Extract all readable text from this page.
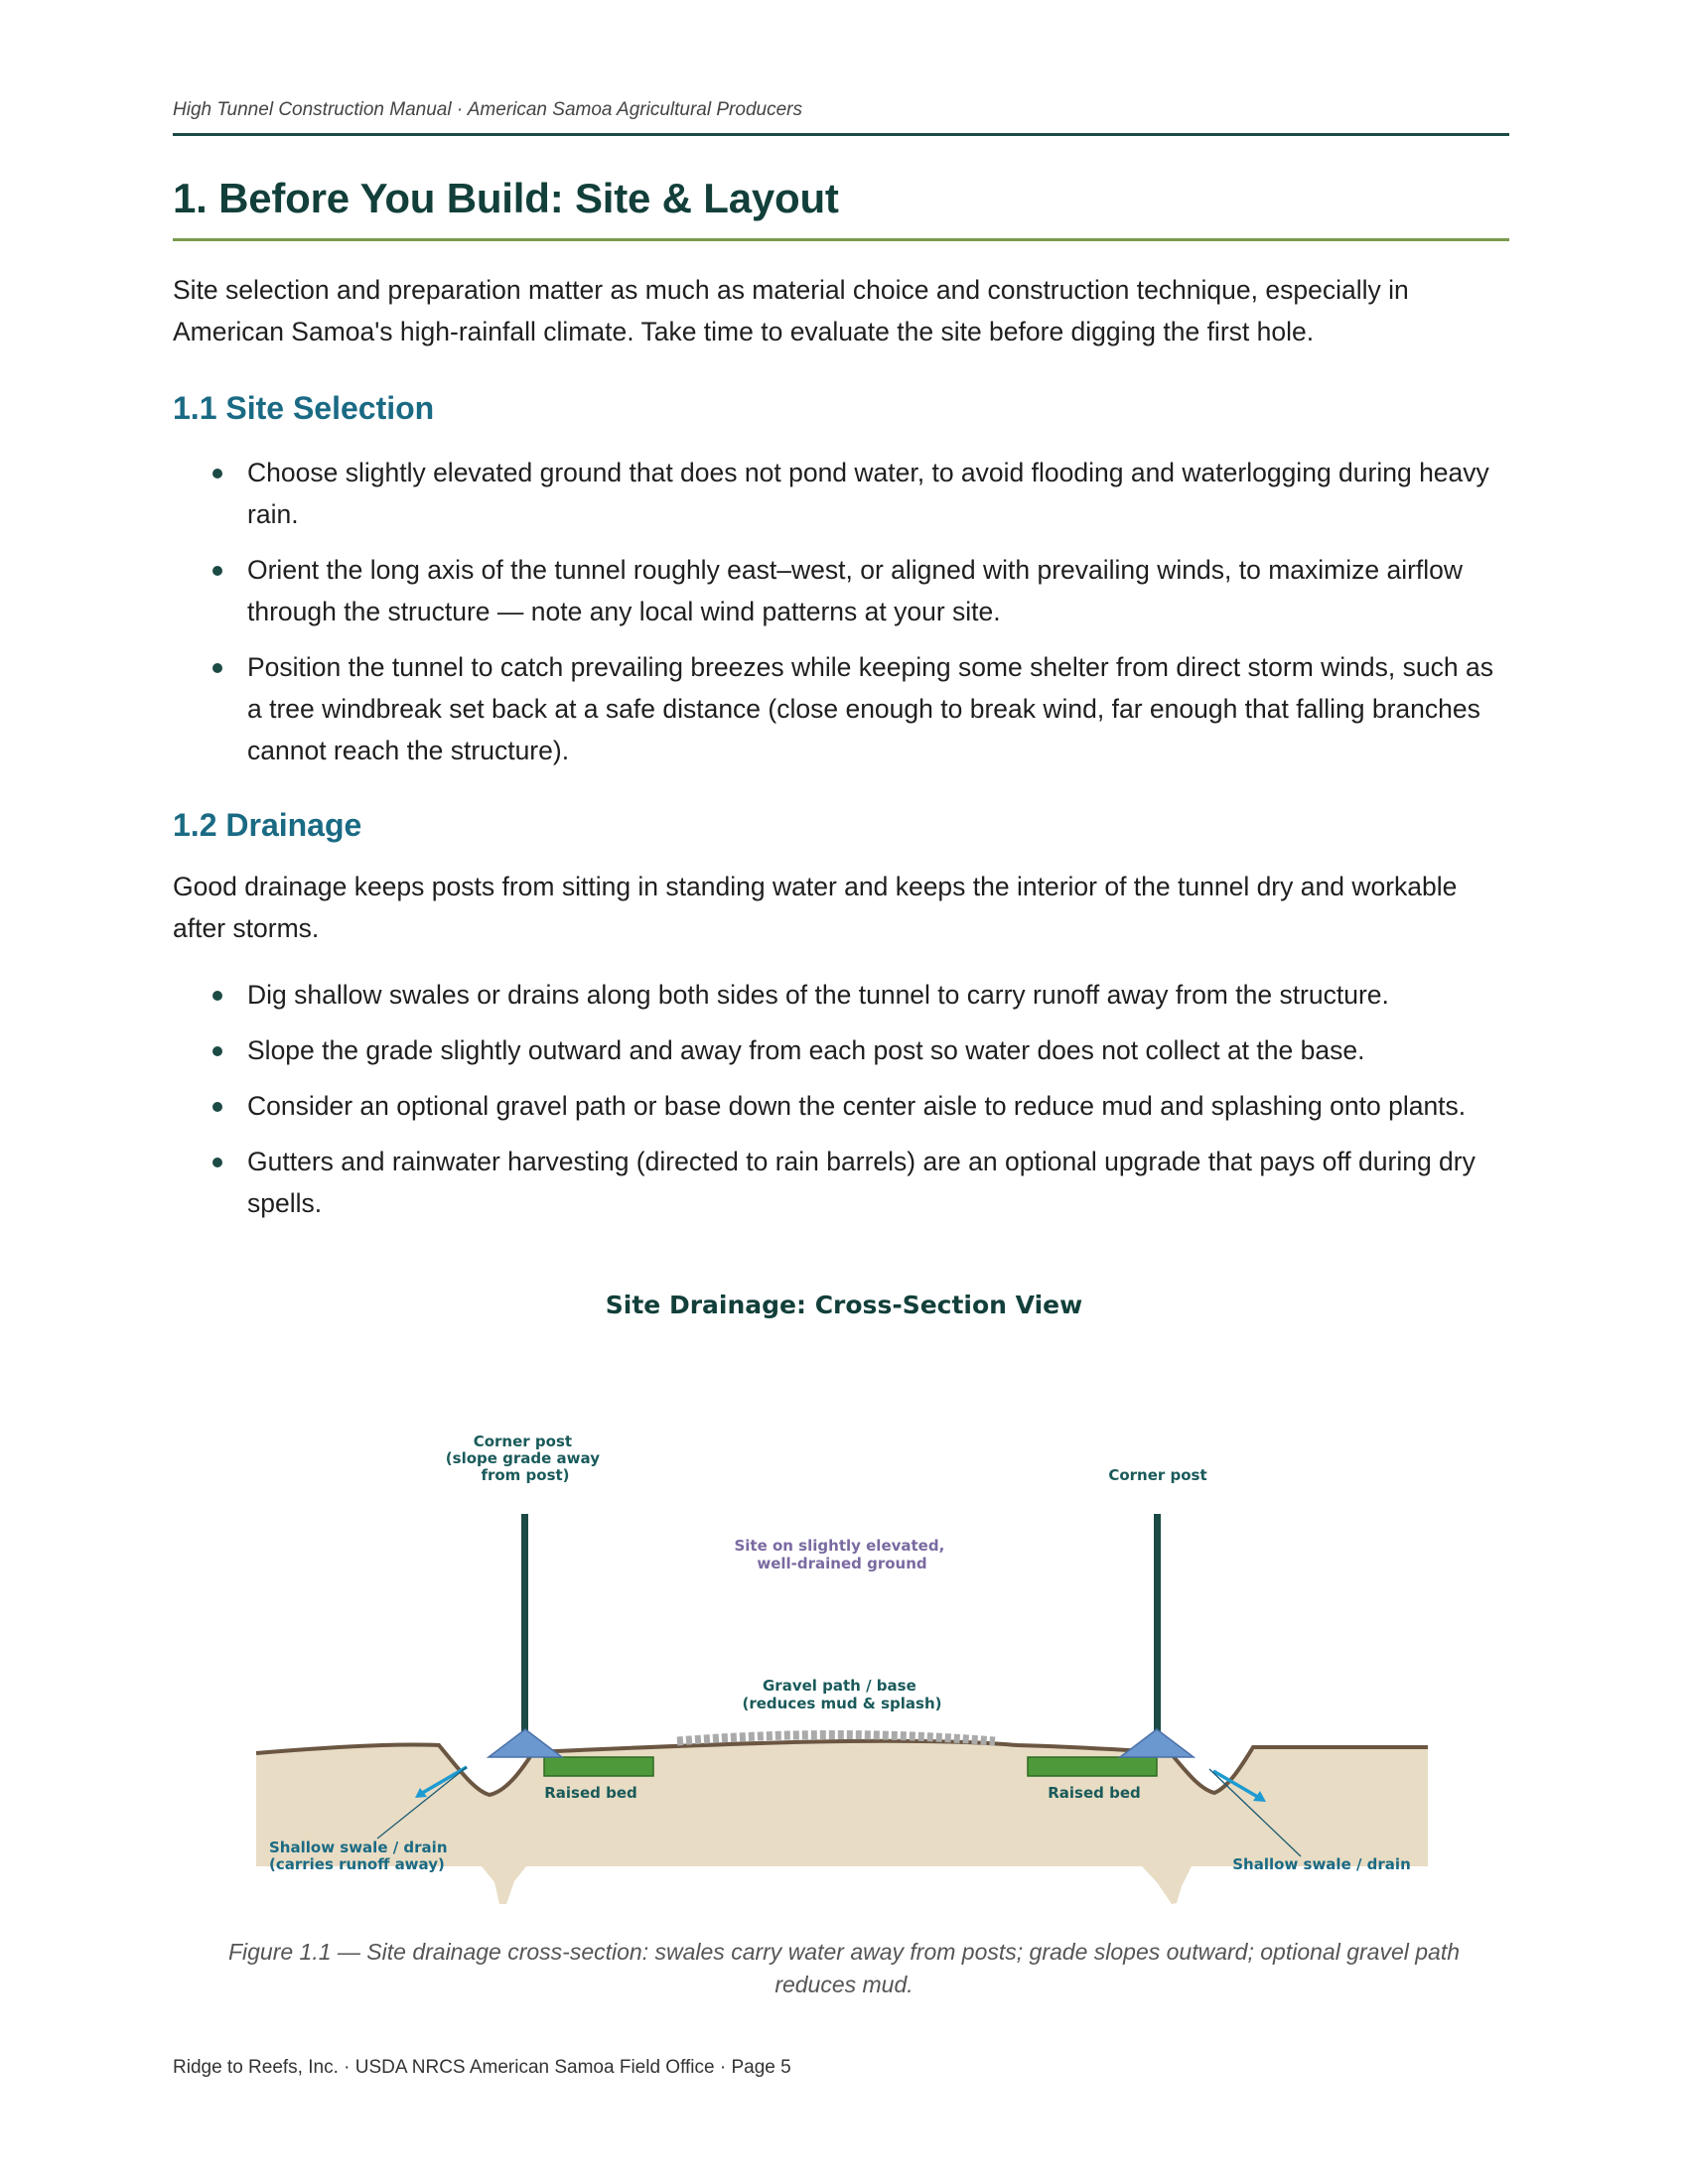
High Tunnel Construction Manual · American Samoa Agricultural Producers
1. Before You Build: Site & Layout

Site selection and preparation matter as much as material choice and construction technique, especially in American Samoa's high-rainfall climate. Take time to evaluate the site before digging the first hole.

1.1 Site Selection
Choose slightly elevated ground that does not pond water, to avoid flooding and waterlogging during heavy rain.
Orient the long axis of the tunnel roughly east–west, or aligned with prevailing winds, to maximize airflow through the structure — note any local wind patterns at your site.
Position the tunnel to catch prevailing breezes while keeping some shelter from direct storm winds, such as a tree windbreak set back at a safe distance (close enough to break wind, far enough that falling branches cannot reach the structure).
1.2 Drainage

Good drainage keeps posts from sitting in standing water and keeps the interior of the tunnel dry and workable after storms.

Dig shallow swales or drains along both sides of the tunnel to carry runoff away from the structure.
Slope the grade slightly outward and away from each post so water does not collect at the base.
Consider an optional gravel path or base down the center aisle to reduce mud and splashing onto plants.
Gutters and rainwater harvesting (directed to rain barrels) are an optional upgrade that pays off during dry spells.
Site Drainage: Cross-Section View
Corner post (slope grade away from post)	Corner post
Site on slightly elevated, well-drained ground
Gravel path / base (reduces mud & splash)
Raised bed	Raised bed
Shallow swale / drain (carries runoff away)	Shallow swale / drain
Figure 1.1 — Site drainage cross-section: swales carry water away from posts; grade slopes outward; optional gravel path reduces mud.
Ridge to Reefs, Inc. · USDA NRCS American Samoa Field Office · Page 5
